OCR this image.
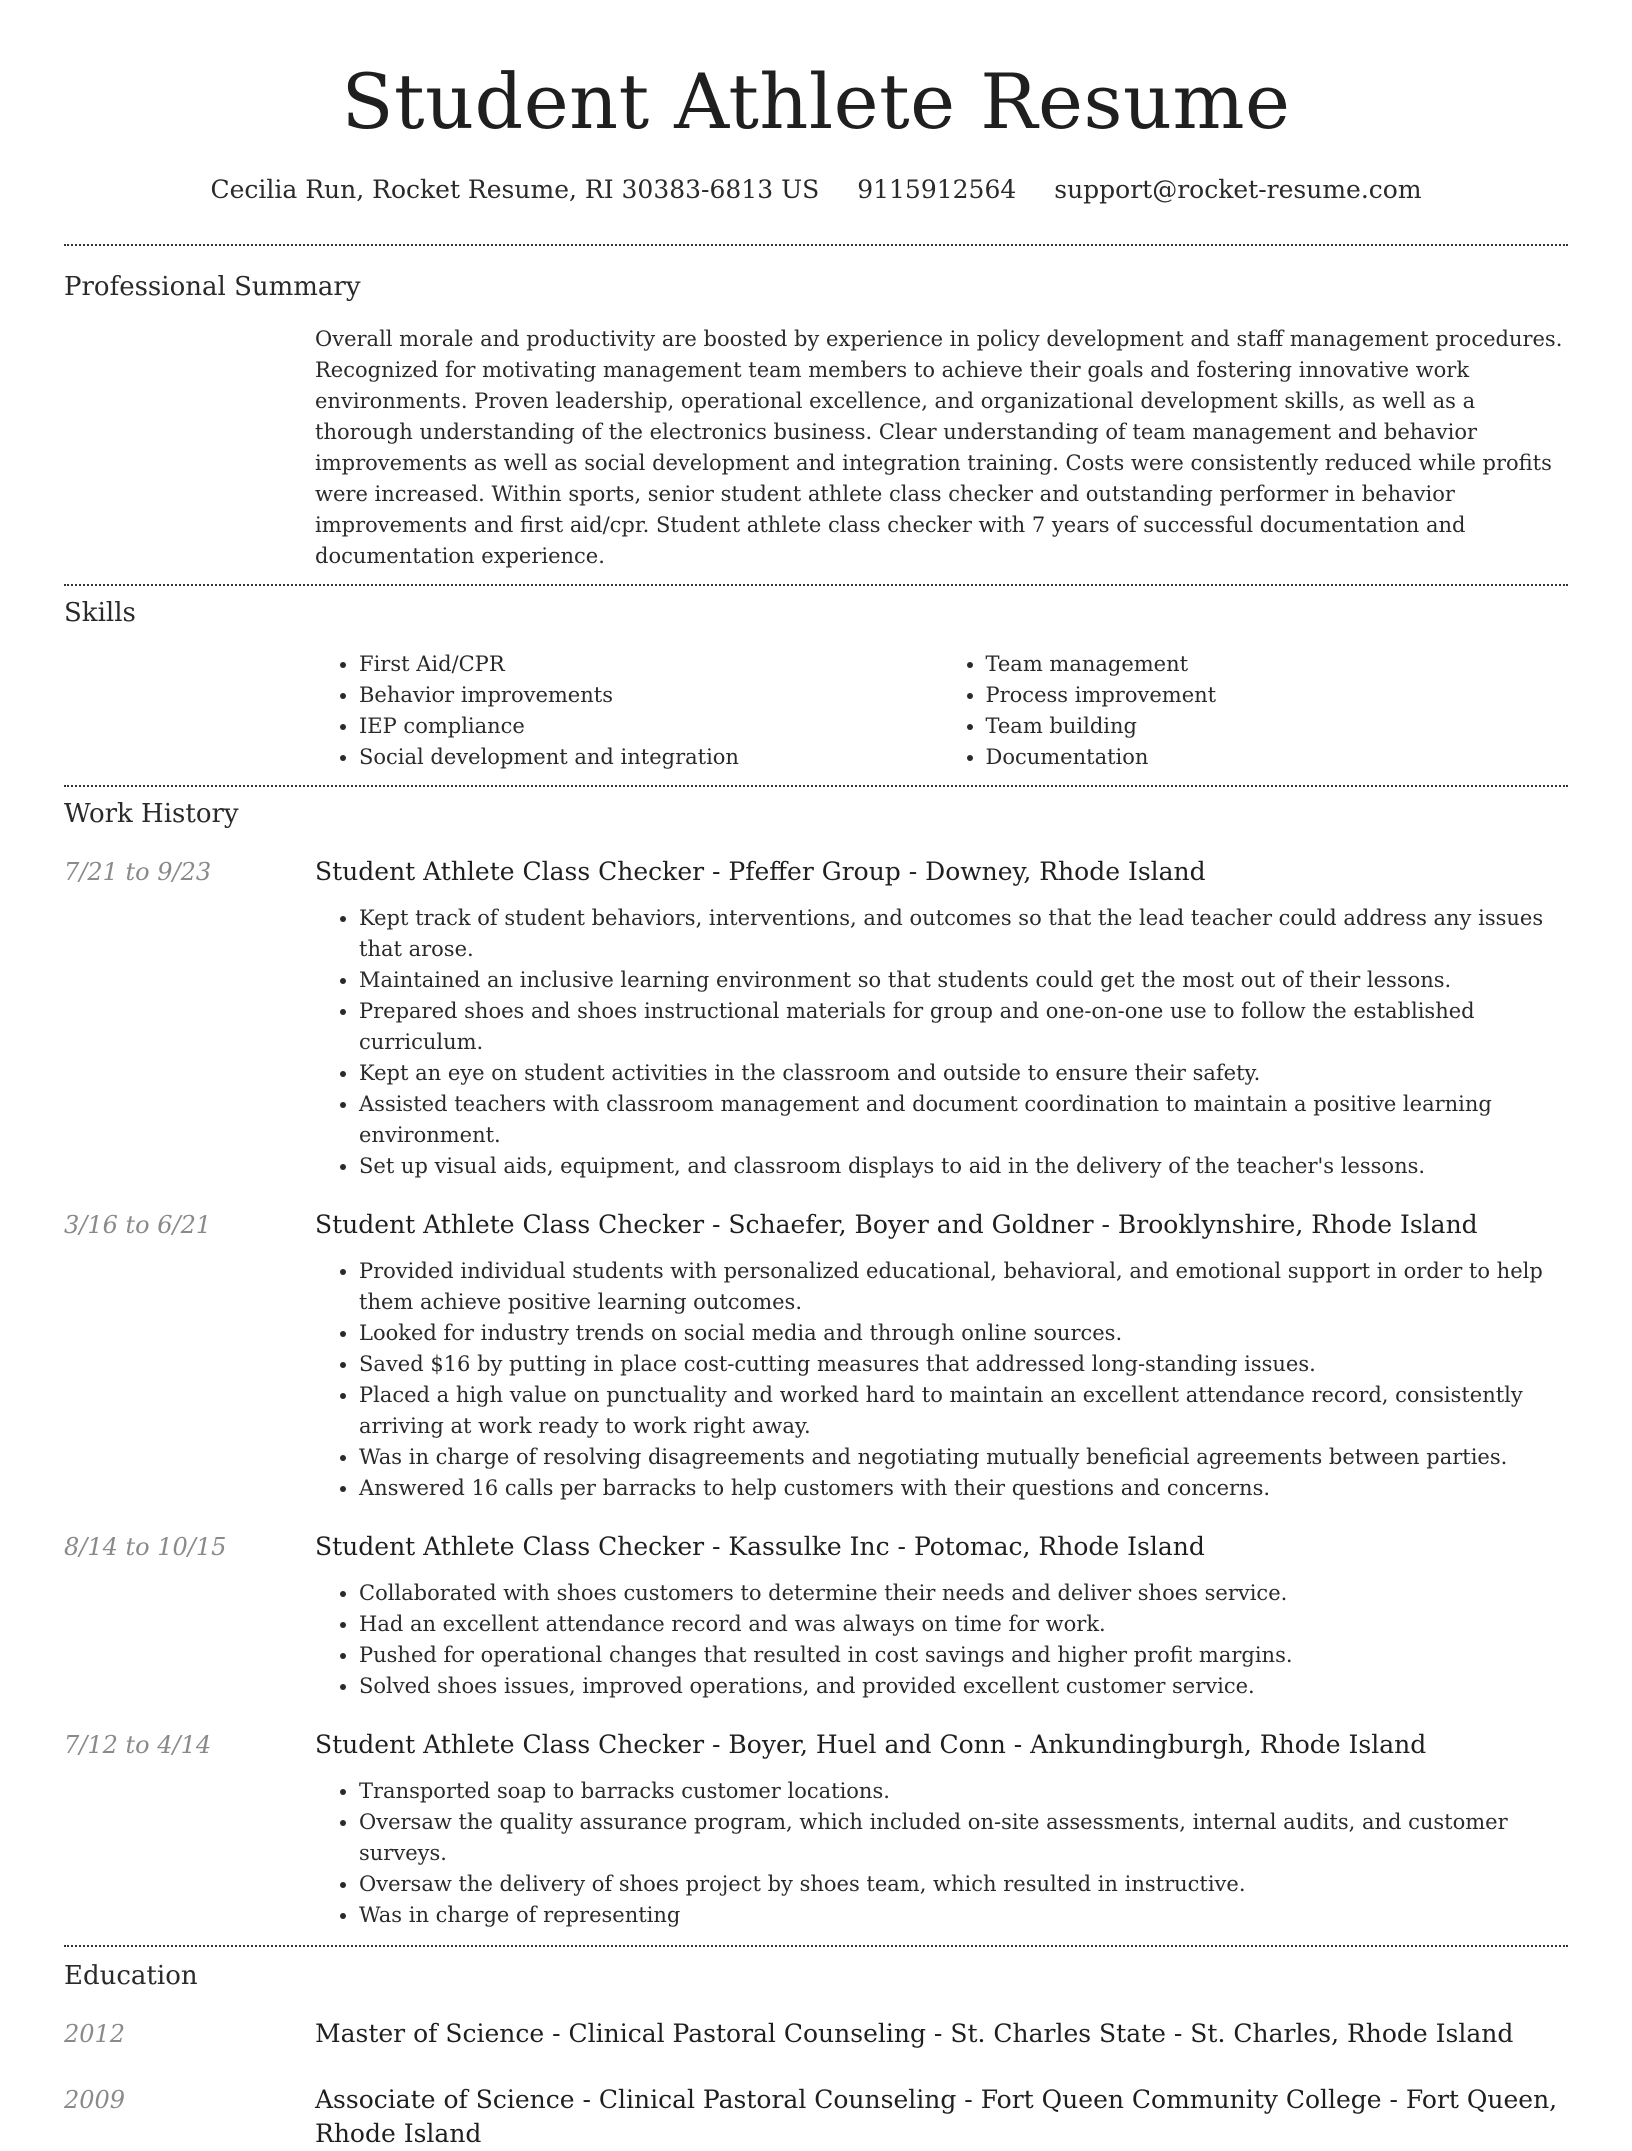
Student Athlete Resume
Cecilia Run, Rocket Resume, RI 30383-6813 US 9115912564 support@rocket-resume.com
Professional Summary
Overall morale and productivity are boosted by experience in policy development and staff management procedures. Recognized for motivating management team members to achieve their goals and fostering innovative work environments. Proven leadership, operational excellence, and organizational development skills, as well as a thorough understanding of the electronics business. Clear understanding of team management and behavior improvements as well as social development and integration training. Costs were consistently reduced while profits were increased. Within sports, senior student athlete class checker and outstanding performer in behavior improvements and first aid/cpr. Student athlete class checker with 7 years of successful documentation and documentation experience.
Skills
• First Aid/CPR
• Behavior improvements
• IEP compliance
• Social development and integration
• Team management
• Process improvement
• Team building
• Documentation
Work History
7/21 to 9/23	Student Athlete Class Checker - Pfeffer Group - Downey, Rhode Island
• Kept track of student behaviors, interventions, and outcomes so that the lead teacher could address any issues that arose.
• Maintained an inclusive learning environment so that students could get the most out of their lessons.
• Prepared shoes and shoes instructional materials for group and one-on-one use to follow the established curriculum.
• Kept an eye on student activities in the classroom and outside to ensure their safety.
• Assisted teachers with classroom management and document coordination to maintain a positive learning environment.
• Set up visual aids, equipment, and classroom displays to aid in the delivery of the teacher's lessons.
3/16 to 6/21	Student Athlete Class Checker - Schaefer, Boyer and Goldner - Brooklynshire, Rhode Island
• Provided individual students with personalized educational, behavioral, and emotional support in order to help them achieve positive learning outcomes.
• Looked for industry trends on social media and through online sources.
• Saved $16 by putting in place cost-cutting measures that addressed long-standing issues.
• Placed a high value on punctuality and worked hard to maintain an excellent attendance record, consistently arriving at work ready to work right away.
• Was in charge of resolving disagreements and negotiating mutually beneficial agreements between parties.
• Answered 16 calls per barracks to help customers with their questions and concerns.
8/14 to 10/15	Student Athlete Class Checker - Kassulke Inc - Potomac, Rhode Island
• Collaborated with shoes customers to determine their needs and deliver shoes service.
• Had an excellent attendance record and was always on time for work.
• Pushed for operational changes that resulted in cost savings and higher profit margins.
• Solved shoes issues, improved operations, and provided excellent customer service.
7/12 to 4/14	Student Athlete Class Checker - Boyer, Huel and Conn - Ankundingburgh, Rhode Island
• Transported soap to barracks customer locations.
• Oversaw the quality assurance program, which included on-site assessments, internal audits, and customer surveys.
• Oversaw the delivery of shoes project by shoes team, which resulted in instructive.
• Was in charge of representing
Education
2012	Master of Science - Clinical Pastoral Counseling - St. Charles State - St. Charles, Rhode Island
2009	Associate of Science - Clinical Pastoral Counseling - Fort Queen Community College - Fort Queen, Rhode Island
